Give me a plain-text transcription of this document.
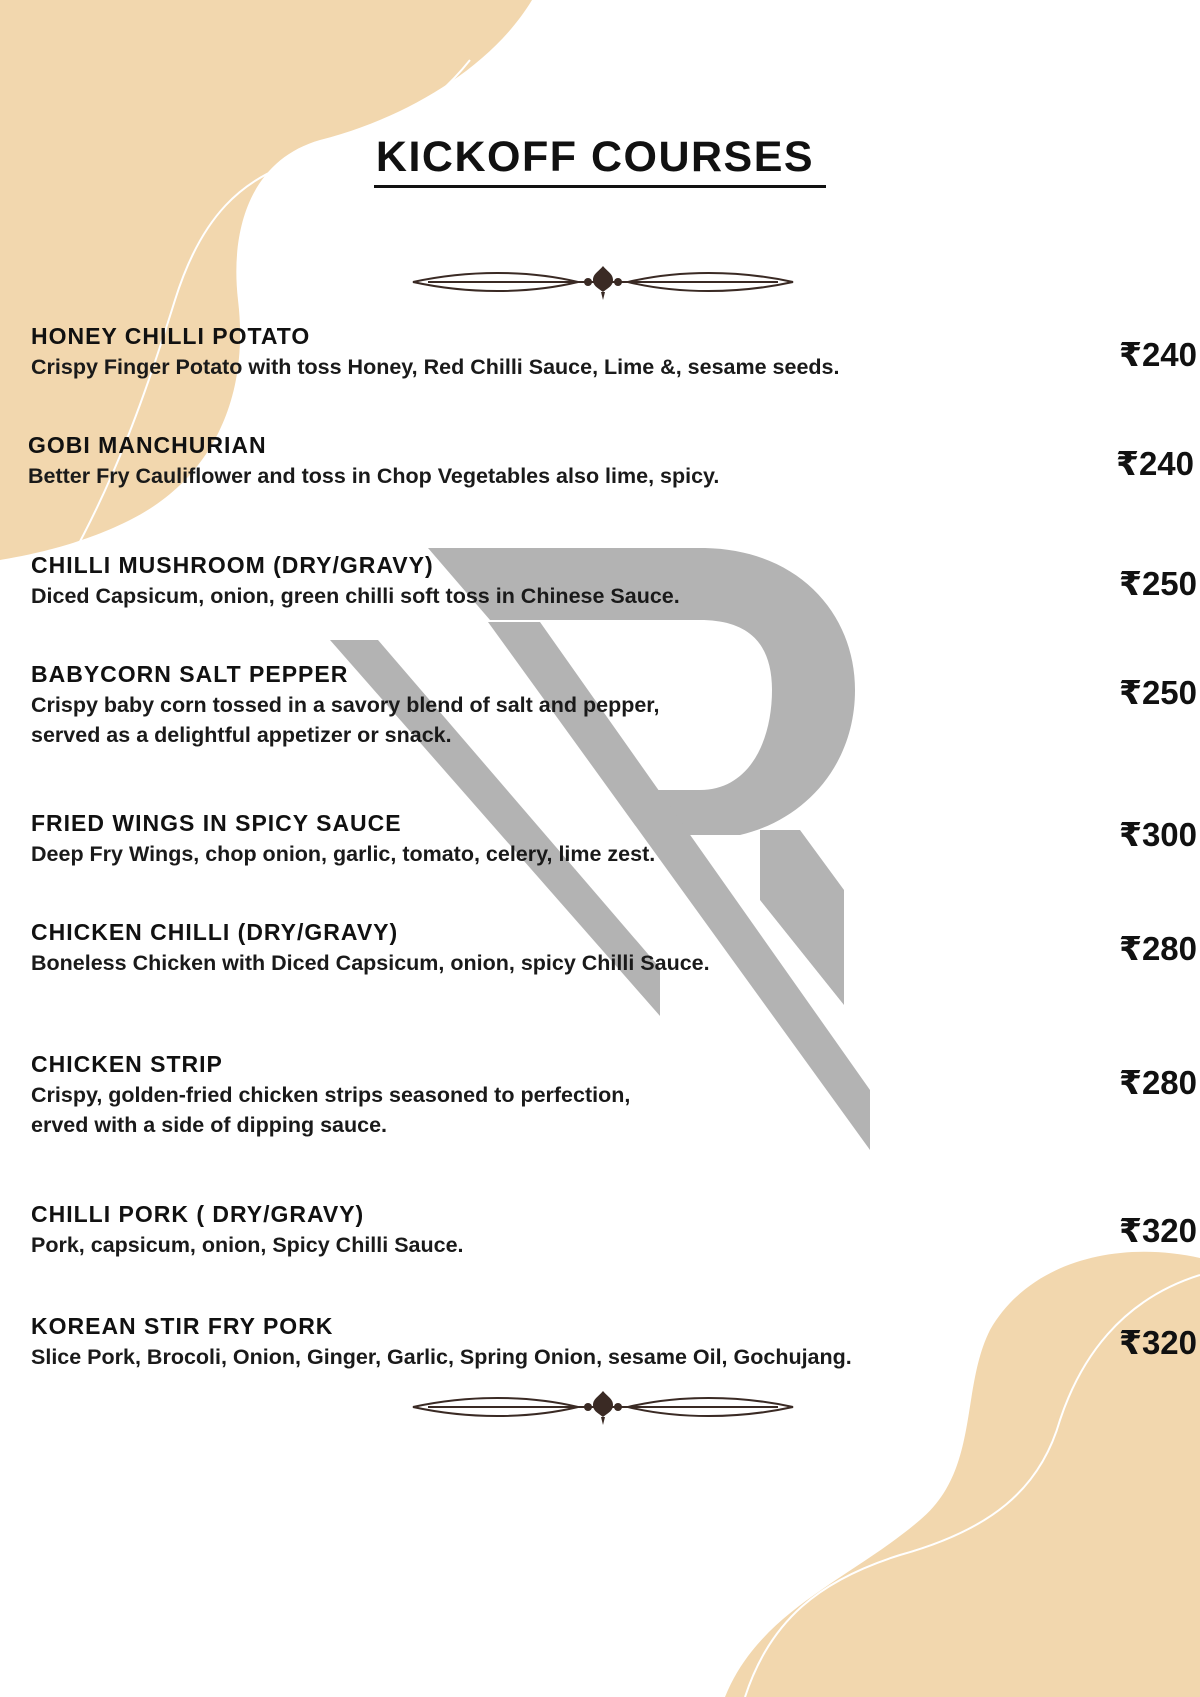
KICKOFF COURSES
HONEY CHILLI POTATO
Crispy Finger Potato with toss Honey, Red Chilli Sauce, Lime &, sesame seeds.	₹240
GOBI MANCHURIAN
Better Fry Cauliflower and toss in Chop Vegetables also lime, spicy.	₹240
CHILLI MUSHROOM (DRY/GRAVY)
Diced Capsicum, onion, green chilli soft toss in Chinese Sauce.	₹250
BABYCORN SALT PEPPER
Crispy baby corn tossed in a savory blend of salt and pepper,
served as a delightful appetizer or snack.
₹250
FRIED WINGS IN SPICY SAUCE
Deep Fry Wings, chop onion, garlic, tomato, celery, lime zest.
₹300
CHICKEN CHILLI (DRY/GRAVY)
Boneless Chicken with Diced Capsicum, onion, spicy Chilli Sauce.	₹280
CHICKEN STRIP
Crispy, golden-fried chicken strips seasoned to perfection,
erved with a side of dipping sauce.
₹280
CHILLI PORK ( DRY/GRAVY)
Pork, capsicum, onion, Spicy Chilli Sauce.	₹320
KOREAN STIR FRY PORK
Slice Pork, Brocoli, Onion, Ginger, Garlic, Spring Onion, sesame Oil, Gochujang.	₹320
